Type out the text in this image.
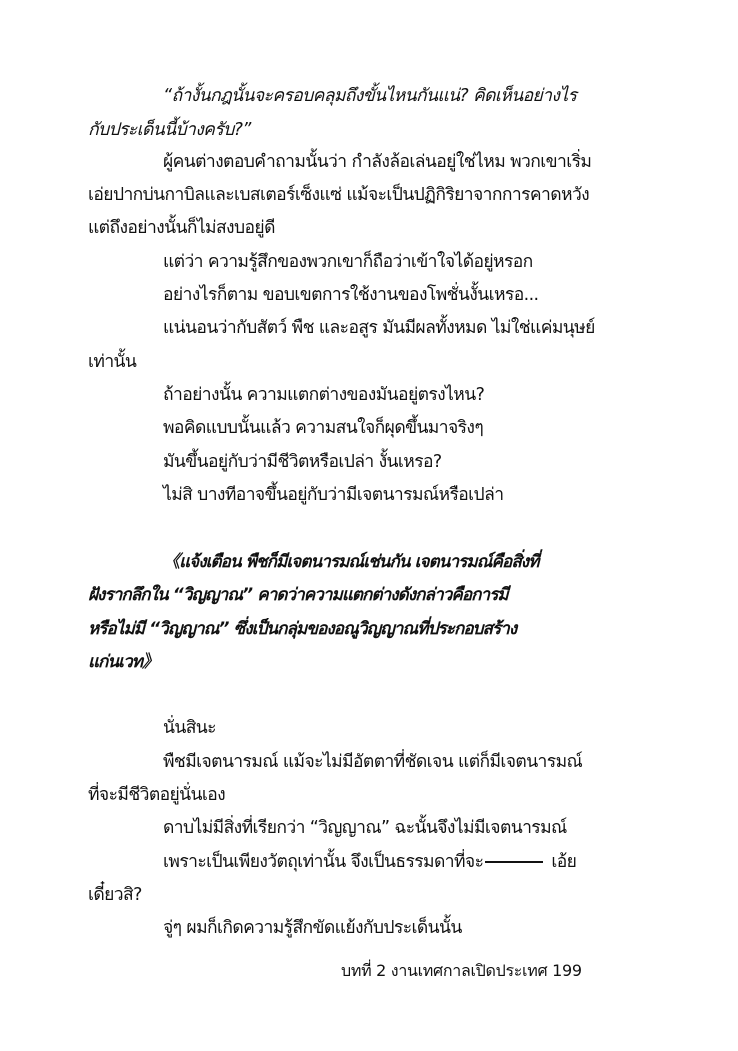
“ถ้างั้นกฎนั้นจะครอบคลุมถึงขั้นไหนกันแน่? คิดเห็นอย่างไร
กับประเด็นนี้บ้างครับ?”
ผู้คนต่างตอบคำถามนั้นว่า กำลังล้อเล่นอยู่ใช่ไหม พวกเขาเริ่ม
เอ่ยปากบ่นกาบิลและเบสเตอร์เซ็งแซ่ แม้จะเป็นปฏิกิริยาจากการคาดหวัง
แต่ถึงอย่างนั้นก็ไม่สงบอยู่ดี
แต่ว่า ความรู้สึกของพวกเขาก็ถือว่าเข้าใจได้อยู่หรอก
อย่างไรก็ตาม ขอบเขตการใช้งานของโพชั่นงั้นเหรอ...
แน่นอนว่ากับสัตว์ พืช และอสูร มันมีผลทั้งหมด ไม่ใช่แค่มนุษย์
เท่านั้น
ถ้าอย่างนั้น ความแตกต่างของมันอยู่ตรงไหน?
พอคิดแบบนั้นแล้ว ความสนใจก็ผุดขึ้นมาจริงๆ
มันขึ้นอยู่กับว่ามีชีวิตหรือเปล่า งั้นเหรอ?
ไม่สิ บางทีอาจขึ้นอยู่กับว่ามีเจตนารมณ์หรือเปล่า
《แจ้งเตือน พืชก็มีเจตนารมณ์เช่นกัน เจตนารมณ์คือสิ่งที่
ฝังรากลึกใน “วิญญาณ” คาดว่าความแตกต่างดังกล่าวคือการมี
หรือไม่มี “วิญญาณ” ซึ่งเป็นกลุ่มของอณูวิญญาณที่ประกอบสร้าง
แก่นเวท》
นั่นสินะ
พืชมีเจตนารมณ์ แม้จะไม่มีอัตตาที่ชัดเจน แต่ก็มีเจตนารมณ์
ที่จะมีชีวิตอยู่นั่นเอง
ดาบไม่มีสิ่งที่เรียกว่า “วิญญาณ” ฉะนั้นจึงไม่มีเจตนารมณ์
เพราะเป็นเพียงวัตถุเท่านั้น จึงเป็นธรรมดาที่จะ	เอ้ย
เดี๋ยวสิ?
จู่ๆ ผมก็เกิดความรู้สึกขัดแย้งกับประเด็นนั้น
บทที่ 2 งานเทศกาลเปิดประเทศ 199
